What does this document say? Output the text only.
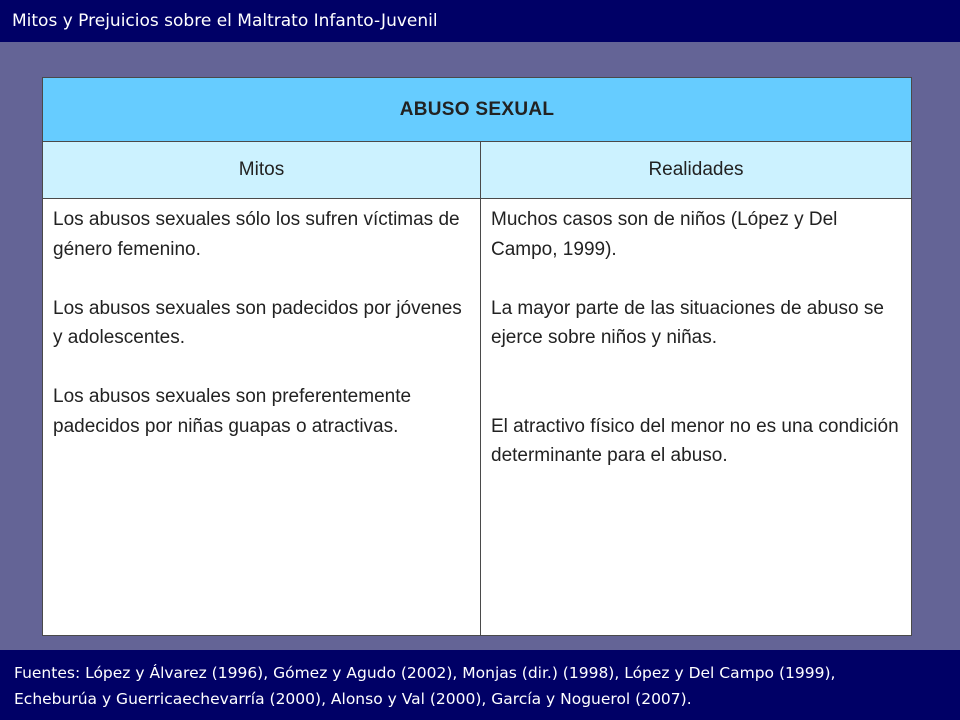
Mitos y Prejuicios sobre el Maltrato Infanto-Juvenil
ABUSO SEXUAL
Mitos	Realidades

Los abusos sexuales sólo los sufren víctimas de género femenino.

Los abusos sexuales son padecidos por jóvenes y adolescentes.

Los abusos sexuales son preferentemente padecidos por niñas guapas o atractivas.

Muchos casos son de niños (López y Del Campo, 1999).

La mayor parte de las situaciones de abuso se ejerce sobre niños y niñas.

El atractivo físico del menor no es una condición determinante para el abuso.

Fuentes: López y Álvarez (1996), Gómez y Agudo (2002), Monjas (dir.) (1998), López y Del Campo (1999),
Echeburúa y Guerricaechevarría (2000), Alonso y Val (2000), García y Noguerol (2007).
